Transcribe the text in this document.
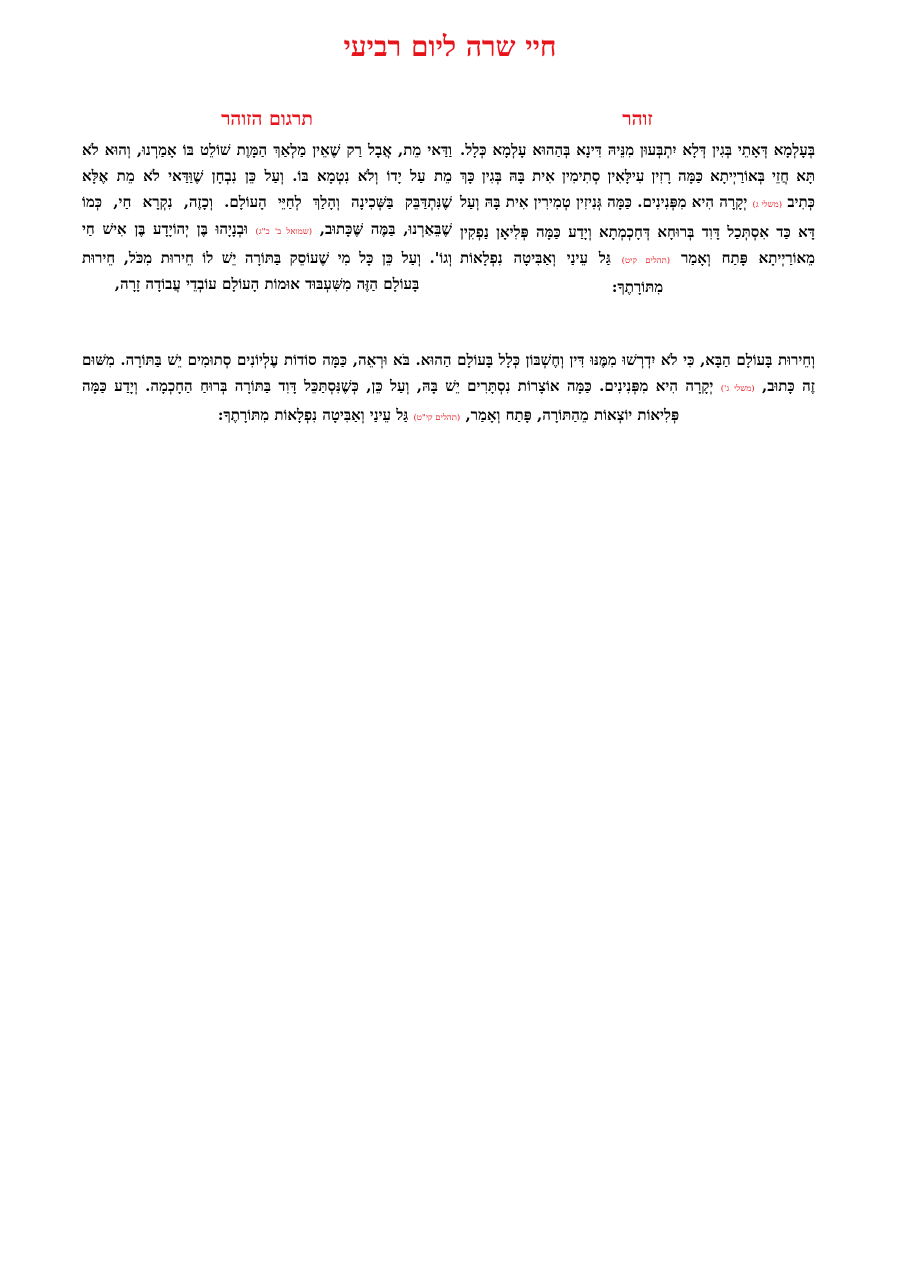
חיי שרה ליום רביעי
זוהר
תרגום הזוהר
בְּעָלְמָא דְּאָתֵי בְּגִין דְּלָא יִתְבְּעוּן מִנֵּיהּ דִּינָא בְּהַהוּא עָלְמָא כְּלָל. תָּא חֲזֵי בְּאוֹרַיְיתָא כַּמָּה רָזִין עִילָּאִין סְתִימִין אִית בָּהּ בְּגִין כָּךְ כְּתִיב (משלי ג) יְקָרָה הִיא מִפְּנִינִים. כַּמָּה גְּנִיזִין טְמִירִין אִית בָּהּ וְעַל דָּא כַּד אִסְתְּכַל דָּוִד בְּרוּחָא דְּחָכְמְתָא וְיָדַע כַּמָּה פְּלִיאָן נַפְקִין מֵאוֹרַיְיתָא פָּתַח וְאָמַר (תהלים קיט) גַּל עֵינַי וְאַבִּיטָה נִפְלָאוֹת מִתּוֹרָתֶךָ:
וַדַּאי מֵת, אֲבָל רַק שֶׁאֵין מַלְאַךְ הַמָּוֶת שׁוֹלֵט בּוֹ אָמַרְנוּ, וְהוּא לֹא מֵת עַל יָדוֹ וְלֹא נִטְמָא בּוֹ. וְעַל כֵּן נִבְחָן שֶׁוַּדַּאי לֹא מֵת אֶלָּא שֶׁנִּתְדַּבֵּק בַּשְּׁכִינָה וְהָלַךְ לְחַיֵּי הָעוֹלָם. וְכָזֶה, נִקְרָא חַי, כְּמוֹ שֶׁבֵּאַרְנוּ, בַּמֶּה שֶּׁכָּתוּב, (שמואל ב' כ"ג) וּבְנָיָהוּ בֶּן יְהוֹיָדָע בֶּן אִישׁ חַי וְגוֹ'. וְעַל כֵּן כָּל מִי שֶׁעוֹסֵק בַּתּוֹרָה יֵשׁ לוֹ חֵירוּת מִכֹּל, חֵירוּת בָּעוֹלָם הַזֶּה מִשִּׁעְבּוּד אוּמוֹת הָעוֹלָם עוֹבְדֵי עֲבוֹדָה זָרָה,
וְחֵירוּת בָּעוֹלָם הַבָּא, כִּי לֹא יִדְרְשׁוּ מִמֶּנּוּ דִּין וְחֶשְׁבּוֹן כְּלָל בָּעוֹלָם הַהוּא. בֹּא וּרְאֵה, כַּמָּה סוֹדוֹת עֶלְיוֹנִים סְתוּמִים יֵשׁ בַּתּוֹרָה. מִשּׁוּם זֶה כָּתוּב, (משלי ג') יְקָרָה הִיא מִפְּנִינִים. כַּמָּה אוֹצָרוֹת נִסְתָּרִים יֵשׁ בָּהּ, וְעַל כֵּן, כְּשֶׁנִּסְתַּכֵּל דָּוִד בַּתּוֹרָה בְּרוּחַ הַחָכְמָה. וְיָדַע כַּמָּה פְּלִיאוֹת יוֹצְאוֹת מֵהַתּוֹרָה, פָּתַח וְאָמַר, (תהלים קי"ט) גַּל עֵינַי וְאַבִּיטָה נִפְלָאוֹת מִתּוֹרָתֶךָ:
